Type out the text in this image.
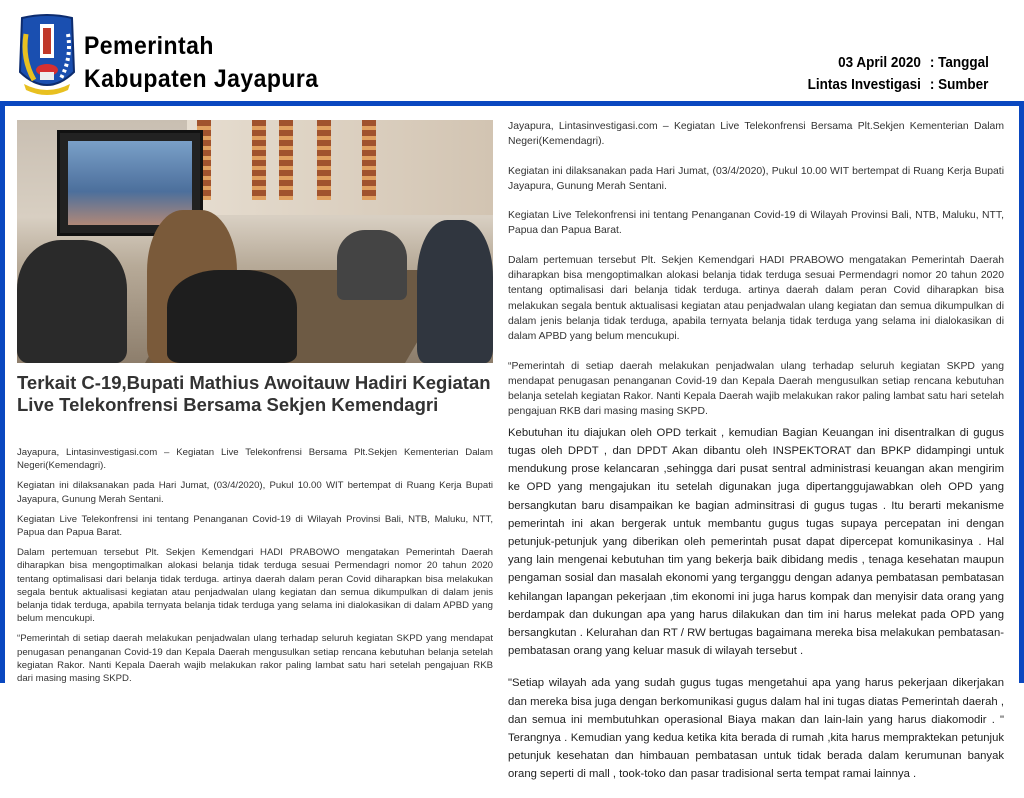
Pemerintah
Kabupaten Jayapura
03 April 2020 : Tanggal
Lintas Investigasi : Sumber
Terkait C-19,Bupati Mathius Awoitauw Hadiri Kegiatan Live Telekonfrensi Bersama Sekjen Kemendagri

Jayapura, Lintasinvestigasi.com – Kegiatan Live Telekonfrensi Bersama Plt.Sekjen Kementerian Dalam Negeri(Kemendagri).

Kegiatan ini dilaksanakan pada Hari Jumat, (03/4/2020), Pukul 10.00 WIT bertempat di Ruang Kerja Bupati Jayapura, Gunung Merah Sentani.

Kegiatan Live Telekonfrensi ini tentang Penanganan Covid-19 di Wilayah Provinsi Bali, NTB, Maluku, NTT, Papua dan Papua Barat.

Dalam pertemuan tersebut Plt. Sekjen Kemendgari HADI PRABOWO mengatakan Pemerintah Daerah diharapkan bisa mengoptimalkan alokasi belanja tidak terduga sesuai Permendagri nomor 20 tahun 2020 tentang optimalisasi dari belanja tidak terduga. artinya daerah dalam peran Covid diharapkan bisa melakukan segala bentuk aktualisasi kegiatan atau penjadwalan ulang kegiatan dan semua dikumpulkan di dalam jenis belanja tidak terduga, apabila ternyata belanja tidak terduga yang selama ini dialokasikan di dalam APBD yang belum mencukupi.

“Pemerintah di setiap daerah melakukan penjadwalan ulang terhadap seluruh kegiatan SKPD yang mendapat penugasan penanganan Covid-19 dan Kepala Daerah mengusulkan setiap rencana kebutuhan belanja setelah kegiatan Rakor. Nanti Kepala Daerah wajib melakukan rakor paling lambat satu hari setelah pengajuan RKB dari masing masing SKPD.

Jayapura, Lintasinvestigasi.com – Kegiatan Live Telekonfrensi Bersama Plt.Sekjen Kementerian Dalam Negeri(Kemendagri).

Kegiatan ini dilaksanakan pada Hari Jumat, (03/4/2020), Pukul 10.00 WIT bertempat di Ruang Kerja Bupati Jayapura, Gunung Merah Sentani.

Kegiatan Live Telekonfrensi ini tentang Penanganan Covid-19 di Wilayah Provinsi Bali, NTB, Maluku, NTT, Papua dan Papua Barat.

Dalam pertemuan tersebut Plt. Sekjen Kemendgari HADI PRABOWO mengatakan Pemerintah Daerah diharapkan bisa mengoptimalkan alokasi belanja tidak terduga sesuai Permendagri nomor 20 tahun 2020 tentang optimalisasi dari belanja tidak terduga. artinya daerah dalam peran Covid diharapkan bisa melakukan segala bentuk aktualisasi kegiatan atau penjadwalan ulang kegiatan dan semua dikumpulkan di dalam jenis belanja tidak terduga, apabila ternyata belanja tidak terduga yang selama ini dialokasikan di dalam APBD yang belum mencukupi.

“Pemerintah di setiap daerah melakukan penjadwalan ulang terhadap seluruh kegiatan SKPD yang mendapat penugasan penanganan Covid-19 dan Kepala Daerah mengusulkan setiap rencana kebutuhan belanja setelah kegiatan Rakor. Nanti Kepala Daerah wajib melakukan rakor paling lambat satu hari setelah pengajuan RKB dari masing masing SKPD.

Kebutuhan itu diajukan oleh OPD terkait , kemudian Bagian Keuangan ini disentralkan di gugus tugas oleh DPDT , dan DPDT Akan dibantu oleh INSPEKTORAT dan BPKP didampingi untuk mendukung prose kelancaran ,sehingga dari pusat sentral administrasi keuangan akan mengirim ke OPD yang mengajukan itu setelah digunakan juga dipertanggujawabkan oleh OPD yang bersangkutan baru disampaikan ke bagian adminsitrasi di gugus tugas . Itu berarti mekanisme pemerintah ini akan bergerak untuk membantu gugus tugas supaya percepatan ini dengan petunjuk-petunjuk yang diberikan oleh pemerintah pusat dapat dipercepat komunikasinya . Hal yang lain mengenai kebutuhan tim yang bekerja baik dibidang medis , tenaga kesehatan maupun pengaman sosial dan masalah ekonomi yang terganggu dengan adanya pembatasan pembatasan kehilangan lapangan pekerjaan ,tim ekonomi ini juga harus kompak dan menyisir data orang yang berdampak dan dukungan apa yang harus dilakukan dan tim ini harus melekat pada OPD yang bersangkutan . Kelurahan dan RT / RW bertugas bagaimana mereka bisa melakukan pembatasan-pembatasan orang yang keluar masuk di wilayah tersebut .

"Setiap wilayah ada yang sudah gugus tugas mengetahui apa yang harus pekerjaan dikerjakan dan mereka bisa juga dengan berkomunikasi gugus dalam hal ini tugas diatas Pemerintah daerah , dan semua ini membutuhkan operasional Biaya makan dan lain-lain yang harus diakomodir . " Terangnya . Kemudian yang kedua ketika kita berada di rumah ,kita harus mempraktekan petunjuk petunjuk kesehatan dan himbauan pembatasan untuk tidak berada dalam kerumunan banyak orang seperti di mall , took-toko dan pasar tradisional serta tempat ramai lainnya .
